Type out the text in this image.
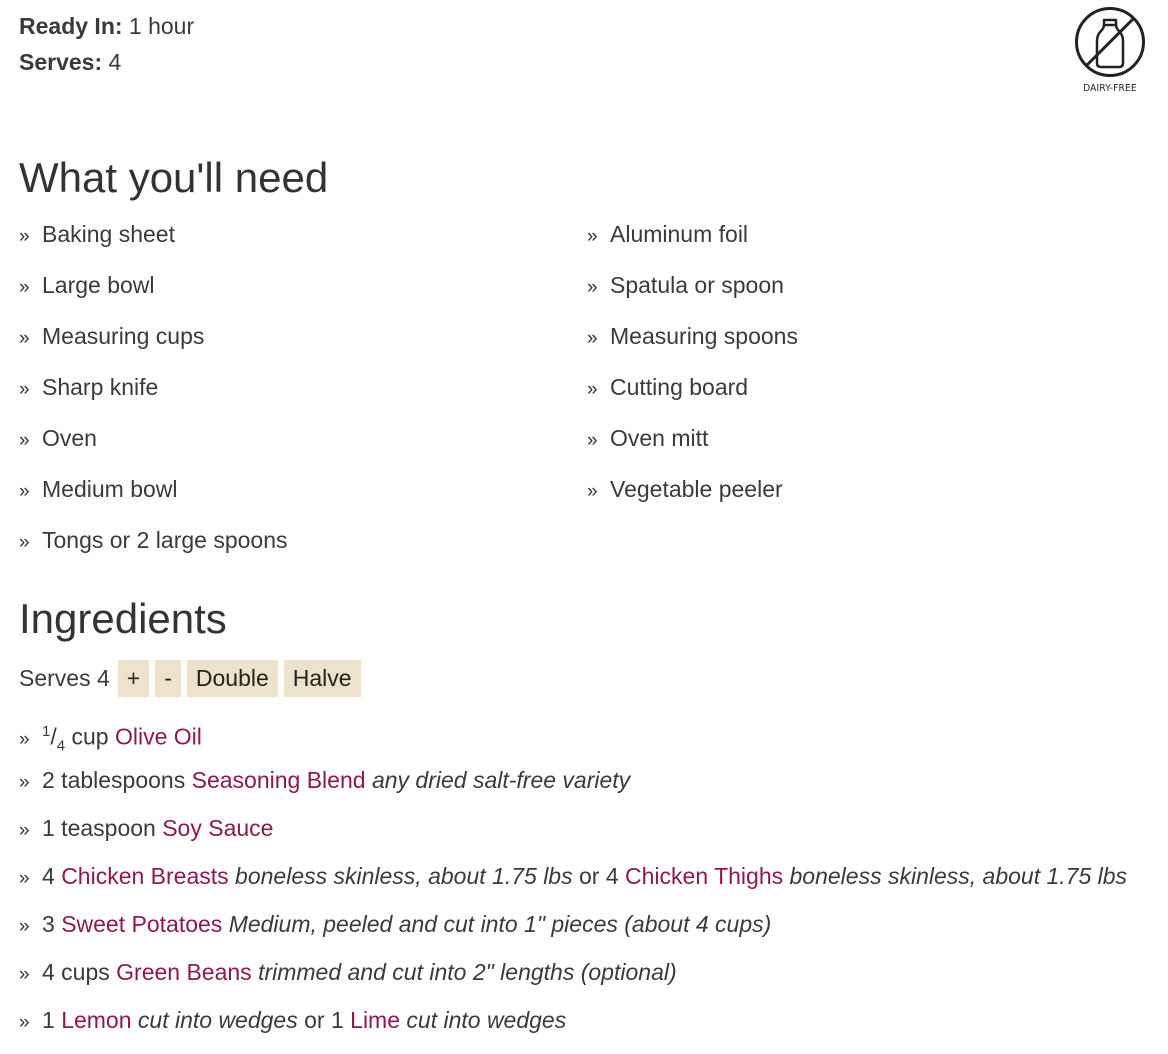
Ready In: 1 hour
Serves: 4
DAIRY-FREE
What you'll need
» Baking sheet
» Large bowl
» Measuring cups
» Sharp knife
» Oven
» Medium bowl
» Tongs or 2 large spoons
» Aluminum foil
» Spatula or spoon
» Measuring spoons
» Cutting board
» Oven mitt
» Vegetable peeler
Ingredients
Serves 4 +	-	Double	Halve
» $^1/_4$ cup Olive Oil
» 2 tablespoons Seasoning Blend any dried salt-free variety
» 1 teaspoon Soy Sauce
» 4 Chicken Breasts boneless skinless, about 1.75 lbs or 4 Chicken Thighs boneless skinless, about 1.75 lbs
» 3 Sweet Potatoes Medium, peeled and cut into 1" pieces (about 4 cups)
» 4 cups Green Beans trimmed and cut into 2" lengths (optional)
» 1 Lemon cut into wedges or 1 Lime cut into wedges
